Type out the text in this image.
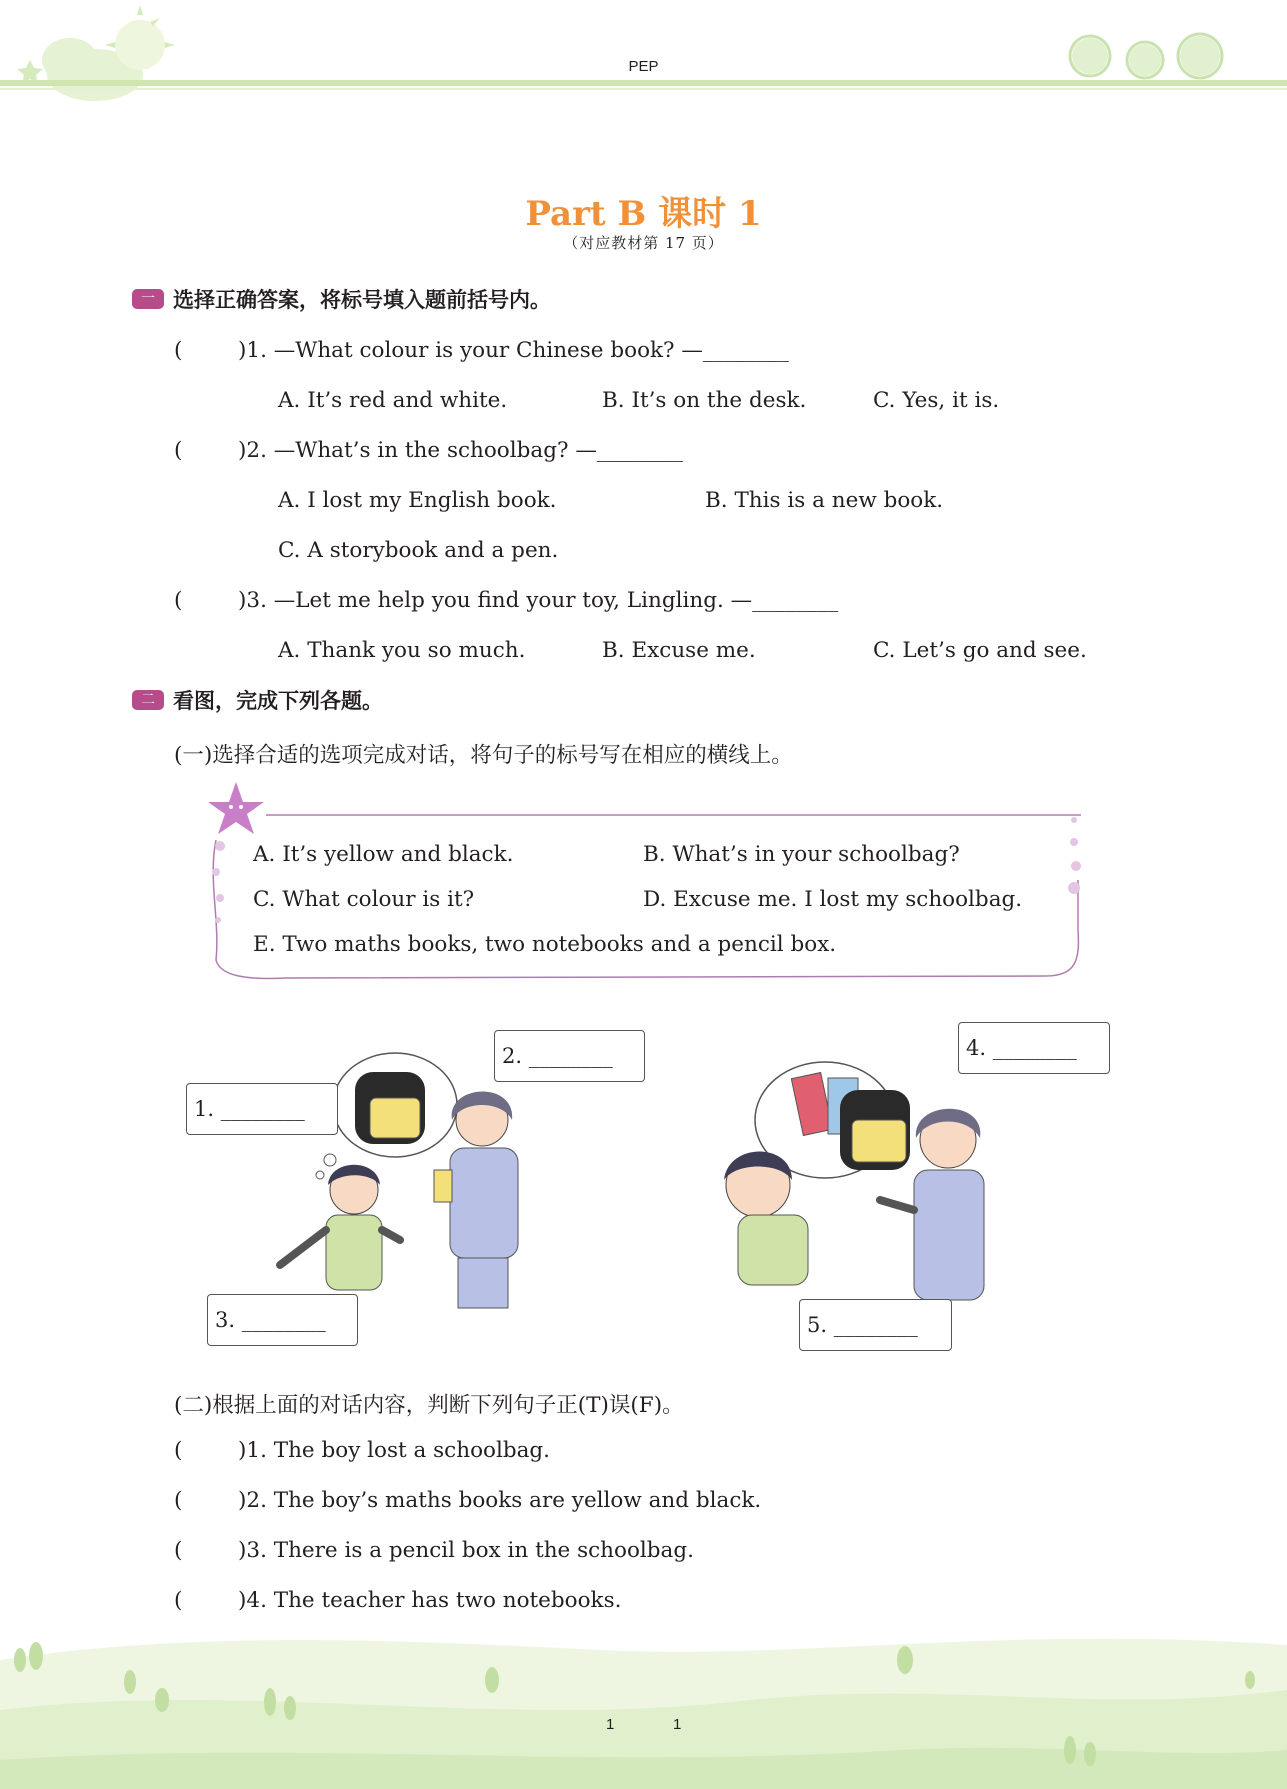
PEP
Part B 课时 1
（对应教材第 17 页）
一 选择正确答案，将标号填入题前括号内。
(	)1. —What colour is your Chinese book? —________
A. It’s red and white.	B. It’s on the desk.	C. Yes, it is.
(	)2. —What’s in the schoolbag? —________
A. I lost my English book.	B. This is a new book.
C. A storybook and a pen.
(	)3. —Let me help you find your toy, Lingling. —________
A. Thank you so much.	B. Excuse me.	C. Let’s go and see.
二 看图，完成下列各题。
(一)选择合适的选项完成对话，将句子的标号写在相应的横线上。
A. It’s yellow and black.	B. What’s in your schoolbag?
C. What colour is it?	D. Excuse me. I lost my schoolbag.
E. Two maths books, two notebooks and a pencil box.
1. ________
2. ________
3. ________
4. ________
5. ________
(二)根据上面的对话内容，判断下列句子正(T)误(F)。
(	)1. The boy lost a schoolbag.
(	)2. The boy’s maths books are yellow and black.
(	)3. There is a pencil box in the schoolbag.
(	)4. The teacher has two notebooks.
1	1
